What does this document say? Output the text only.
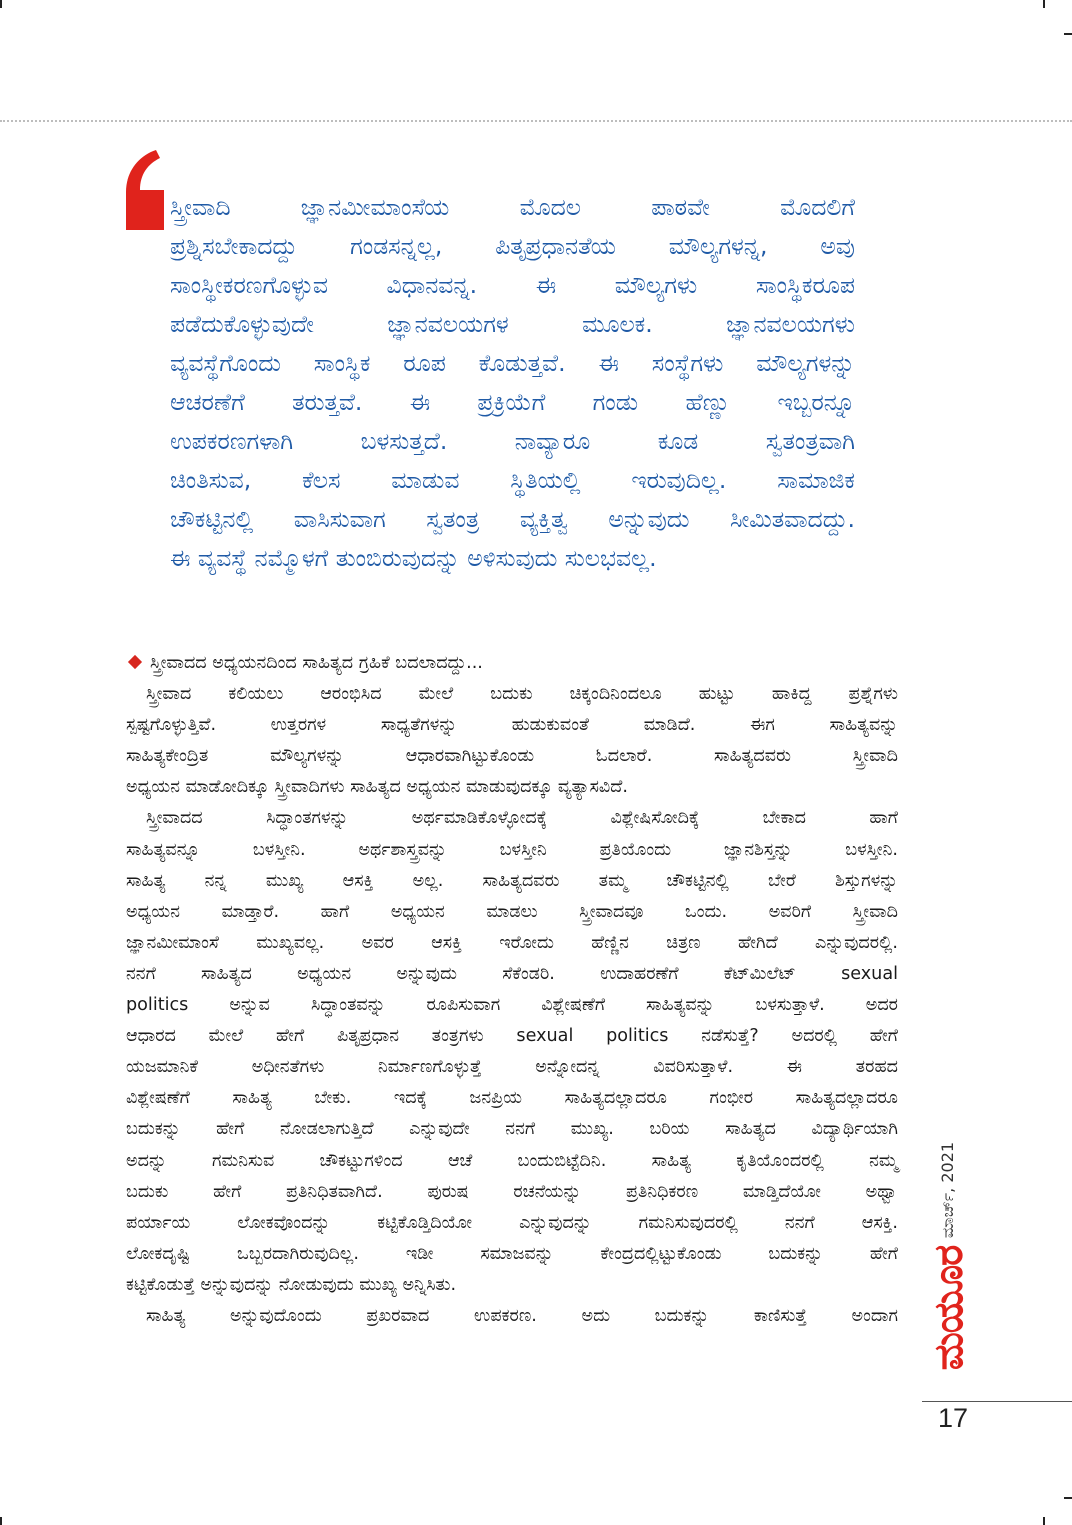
ಸ್ತ್ರೀವಾದಿ ಜ್ಞಾನಮೀಮಾಂಸೆಯ ಮೊದಲ ಪಾಠವೇ ಮೊದಲಿಗೆ
ಪ್ರಶ್ನಿಸಬೇಕಾದದ್ದು ಗಂಡಸನ್ನಲ್ಲ, ಪಿತೃಪ್ರಧಾನತೆಯ ಮೌಲ್ಯಗಳನ್ನ, ಅವು
ಸಾಂಸ್ಥೀಕರಣಗೊಳ್ಳುವ ವಿಧಾನವನ್ನ. ಈ ಮೌಲ್ಯಗಳು ಸಾಂಸ್ಥಿಕರೂಪ
ಪಡೆದುಕೊಳ್ಳುವುದೇ ಜ್ಞಾನವಲಯಗಳ ಮೂಲಕ. ಜ್ಞಾನವಲಯಗಳು
ವ್ಯವಸ್ಥೆಗೊಂದು ಸಾಂಸ್ಥಿಕ ರೂಪ ಕೊಡುತ್ತವೆ. ಈ ಸಂಸ್ಥೆಗಳು ಮೌಲ್ಯಗಳನ್ನು
ಆಚರಣೆಗೆ ತರುತ್ತವೆ. ಈ ಪ್ರಕ್ರಿಯೆಗೆ ಗಂಡು ಹೆಣ್ಣು ಇಬ್ಬರನ್ನೂ
ಉಪಕರಣಗಳಾಗಿ ಬಳಸುತ್ತದೆ. ನಾವ್ಯಾರೂ ಕೂಡ ಸ್ವತಂತ್ರವಾಗಿ
ಚಿಂತಿಸುವ, ಕೆಲಸ ಮಾಡುವ ಸ್ಥಿತಿಯಲ್ಲಿ ಇರುವುದಿಲ್ಲ. ಸಾಮಾಜಿಕ
ಚೌಕಟ್ಟಿನಲ್ಲಿ ವಾಸಿಸುವಾಗ ಸ್ವತಂತ್ರ ವ್ಯಕ್ತಿತ್ವ ಅನ್ನುವುದು ಸೀಮಿತವಾದದ್ದು.
ಈ ವ್ಯವಸ್ಥೆ ನಮ್ಮೊಳಗೆ ತುಂಬಿರುವುದನ್ನು ಅಳಿಸುವುದು ಸುಲಭವಲ್ಲ.
ಸ್ತ್ರೀವಾದದ ಅಧ್ಯಯನದಿಂದ ಸಾಹಿತ್ಯದ ಗ್ರಹಿಕೆ ಬದಲಾದದ್ದು...
ಸ್ತ್ರೀವಾದ ಕಲಿಯಲು ಆರಂಭಿಸಿದ ಮೇಲೆ ಬದುಕು ಚಿಕ್ಕಂದಿನಿಂದಲೂ ಹುಟ್ಟು ಹಾಕಿದ್ದ ಪ್ರಶ್ನೆಗಳು
ಸ್ಪಷ್ಟಗೊಳ್ಳುತ್ತಿವೆ. ಉತ್ತರಗಳ ಸಾಧ್ಯತೆಗಳನ್ನು ಹುಡುಕುವಂತೆ ಮಾಡಿದೆ. ಈಗ ಸಾಹಿತ್ಯವನ್ನು
ಸಾಹಿತ್ಯಕೇಂದ್ರಿತ ಮೌಲ್ಯಗಳನ್ನು ಆಧಾರವಾಗಿಟ್ಟುಕೊಂಡು ಓದಲಾರೆ. ಸಾಹಿತ್ಯದವರು ಸ್ತ್ರೀವಾದಿ
ಅಧ್ಯಯನ ಮಾಡೋದಿಕ್ಕೂ ಸ್ತ್ರೀವಾದಿಗಳು ಸಾಹಿತ್ಯದ ಅಧ್ಯಯನ ಮಾಡುವುದಕ್ಕೂ ವ್ಯತ್ಯಾಸವಿದೆ.
ಸ್ತ್ರೀವಾದದ ಸಿದ್ಧಾಂತಗಳನ್ನು ಅರ್ಥಮಾಡಿಕೊಳ್ಳೋದಕ್ಕೆ ವಿಶ್ಲೇಷಿಸೋದಿಕ್ಕೆ ಬೇಕಾದ ಹಾಗೆ
ಸಾಹಿತ್ಯವನ್ನೂ ಬಳಸ್ತೀನಿ. ಅರ್ಥಶಾಸ್ತ್ರವನ್ನು ಬಳಸ್ತೀನಿ ಪ್ರತಿಯೊಂದು ಜ್ಞಾನಶಿಸ್ತನ್ನು ಬಳಸ್ತೀನಿ.
ಸಾಹಿತ್ಯ ನನ್ನ ಮುಖ್ಯ ಆಸಕ್ತಿ ಅಲ್ಲ. ಸಾಹಿತ್ಯದವರು ತಮ್ಮ ಚೌಕಟ್ಟಿನಲ್ಲಿ ಬೇರೆ ಶಿಸ್ತುಗಳನ್ನು
ಅಧ್ಯಯನ ಮಾಡ್ತಾರೆ. ಹಾಗೆ ಅಧ್ಯಯನ ಮಾಡಲು ಸ್ತ್ರೀವಾದವೂ ಒಂದು. ಅವರಿಗೆ ಸ್ತ್ರೀವಾದಿ
ಜ್ಞಾನಮೀಮಾಂಸೆ ಮುಖ್ಯವಲ್ಲ. ಅವರ ಆಸಕ್ತಿ ಇರೋದು ಹೆಣ್ಣಿನ ಚಿತ್ರಣ ಹೇಗಿದೆ ಎನ್ನುವುದರಲ್ಲಿ.
ನನಗೆ ಸಾಹಿತ್ಯದ ಅಧ್ಯಯನ ಅನ್ನುವುದು ಸೆಕೆಂಡರಿ. ಉದಾಹರಣೆಗೆ ಕೆಟ್‌ಮಿಲೆಟ್ sexual
politics ಅನ್ನುವ ಸಿದ್ಧಾಂತವನ್ನು ರೂಪಿಸುವಾಗ ವಿಶ್ಲೇಷಣೆಗೆ ಸಾಹಿತ್ಯವನ್ನು ಬಳಸುತ್ತಾಳೆ. ಅದರ
ಆಧಾರದ ಮೇಲೆ ಹೇಗೆ ಪಿತೃಪ್ರಧಾನ ತಂತ್ರಗಳು sexual politics ನಡೆಸುತ್ತೆ? ಅದರಲ್ಲಿ ಹೇಗೆ
ಯಜಮಾನಿಕೆ ಅಧೀನತೆಗಳು ನಿರ್ಮಾಣಗೊಳ್ಳುತ್ತೆ ಅನ್ನೋದನ್ನ ವಿವರಿಸುತ್ತಾಳೆ. ಈ ತರಹದ
ವಿಶ್ಲೇಷಣೆಗೆ ಸಾಹಿತ್ಯ ಬೇಕು. ಇದಕ್ಕೆ ಜನಪ್ರಿಯ ಸಾಹಿತ್ಯದಲ್ಲಾದರೂ ಗಂಭೀರ ಸಾಹಿತ್ಯದಲ್ಲಾದರೂ
ಬದುಕನ್ನು ಹೇಗೆ ನೋಡಲಾಗುತ್ತಿದೆ ಎನ್ನುವುದೇ ನನಗೆ ಮುಖ್ಯ. ಬರಿಯ ಸಾಹಿತ್ಯದ ವಿದ್ಯಾರ್ಥಿಯಾಗಿ
ಅದನ್ನು ಗಮನಿಸುವ ಚೌಕಟ್ಟುಗಳಿಂದ ಆಚೆ ಬಂದುಬಿಟ್ಟೆದಿನಿ. ಸಾಹಿತ್ಯ ಕೃತಿಯೊಂದರಲ್ಲಿ ನಮ್ಮ
ಬದುಕು ಹೇಗೆ ಪ್ರತಿನಿಧಿತವಾಗಿದೆ. ಪುರುಷ ರಚನೆಯನ್ನು ಪ್ರತಿನಿಧಿಕರಣ ಮಾಡ್ತಿದೆಯೋ ಅಥ್ವಾ
ಪರ್ಯಾಯ ಲೋಕವೊಂದನ್ನು ಕಟ್ಟಿಕೊಡ್ತಿದಿಯೋ ಎನ್ನುವುದನ್ನು ಗಮನಿಸುವುದರಲ್ಲಿ ನನಗೆ ಆಸಕ್ತಿ.
ಲೋಕದೃಷ್ಟಿ ಒಬ್ಬರದಾಗಿರುವುದಿಲ್ಲ. ಇಡೀ ಸಮಾಜವನ್ನು ಕೇಂದ್ರದಲ್ಲಿಟ್ಟುಕೊಂಡು ಬದುಕನ್ನು ಹೇಗೆ
ಕಟ್ಟಿಕೊಡುತ್ತೆ ಅನ್ನುವುದನ್ನು ನೋಡುವುದು ಮುಖ್ಯ ಅನ್ನಿಸಿತು.
ಸಾಹಿತ್ಯ ಅನ್ನುವುದೊಂದು ಪ್ರಖರವಾದ ಉಪಕರಣ. ಅದು ಬದುಕನ್ನು ಕಾಣಿಸುತ್ತೆ ಅಂದಾಗ
ಮಾರ್ಚ್, 2021
ಮಯೂರ
17
